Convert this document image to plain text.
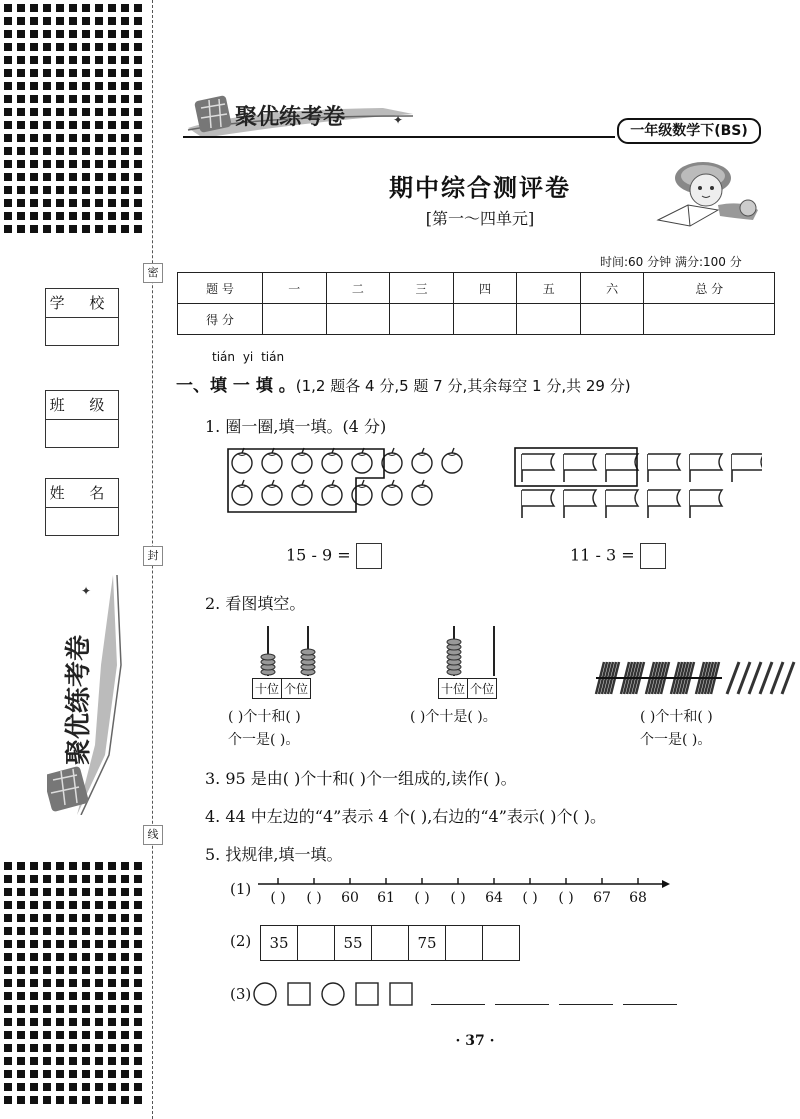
密
封
线
学 校
班 级
姓 名
✦
聚优练考卷
聚优练考卷	✦
一年级数学下(BS)
期中综合测评卷
[第一～四单元]
时间:60 分钟 满分:100 分
题 号	一	二	三	四	五	六	总 分
得 分							
tián yi tián
一、填 一 填 。(1,2 题各 4 分,5 题 7 分,其余每空 1 分,共 29 分)
1. 圈一圈,填一填。(4 分)
15 - 9 =	11 - 3 =
2. 看图填空。
十位 个位	十位 个位
( )个十和( )
个一是( )。
( )个十是( )。	( )个十和( )
个一是( )。
3. 95 是由( )个十和( )个一组成的,读作( )。
4. 44 中左边的“4”表示 4 个( ),右边的“4”表示( )个( )。
5. 找规律,填一填。
(1) ( ) ( ) 60 61 ( ) ( ) 64 ( ) ( ) 67 68
(2) 35		55		75		
(3)
· 37 ·
